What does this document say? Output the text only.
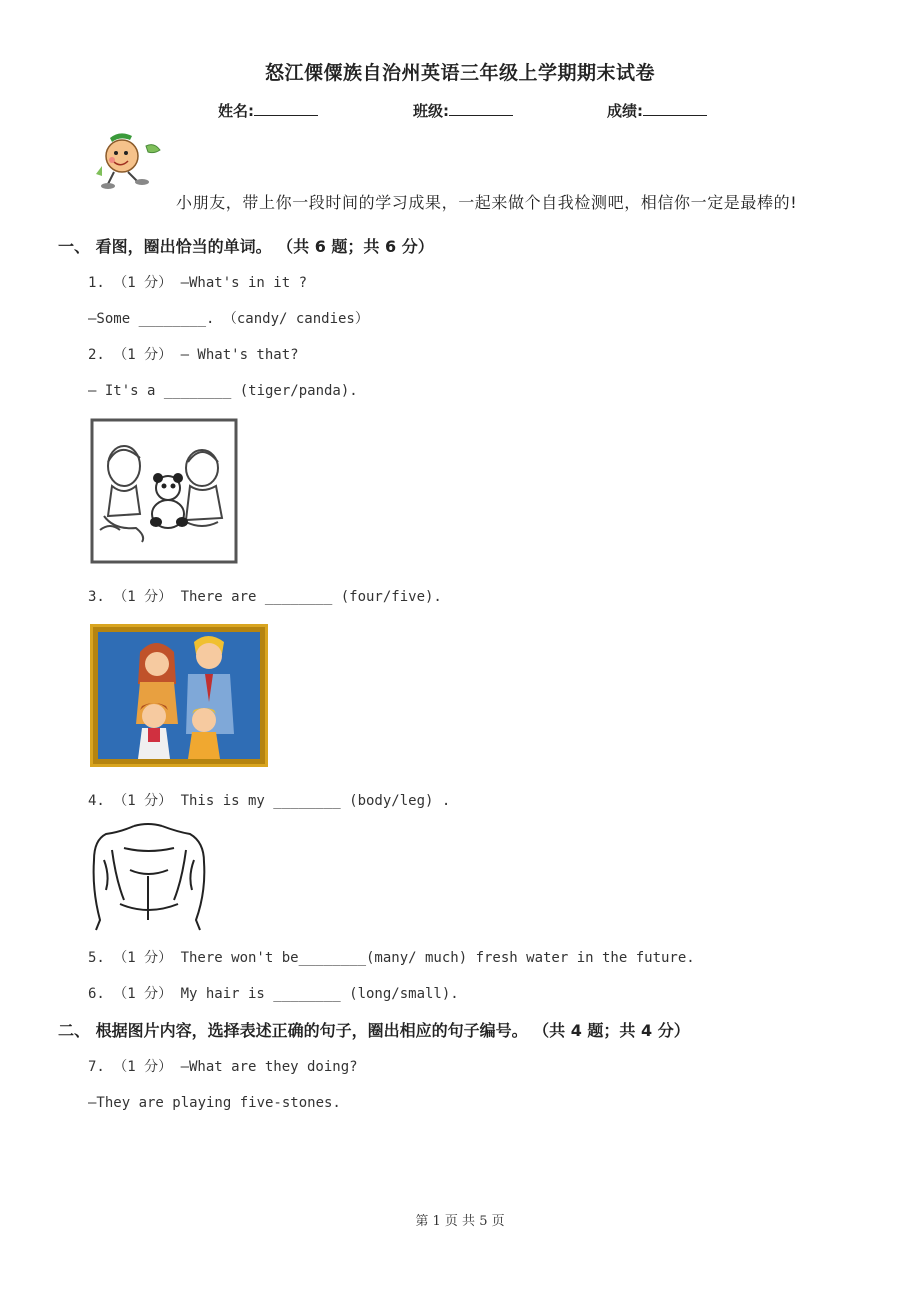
怒江傈僳族自治州英语三年级上学期期末试卷
姓名:	班级:	成绩:
小朋友，带上你一段时间的学习成果，一起来做个自我检测吧，相信你一定是最棒的!
一、 看图，圈出恰当的单词。 （共 6 题；共 6 分）
1. （1 分） —What's in it ?
—Some ________. （candy/ candies）
2. （1 分） — What's that?
— It's a ________ (tiger/panda).
3. （1 分） There are ________ (four/five).
4. （1 分） This is my ________ (body/leg) .
5. （1 分） There won't be________(many/ much) fresh water in the future.
6. （1 分） My hair is ________ (long/small).
二、 根据图片内容，选择表述正确的句子，圈出相应的句子编号。 （共 4 题；共 4 分）
7. （1 分） —What are they doing?
—They are playing five-stones.
第 1 页 共 5 页
